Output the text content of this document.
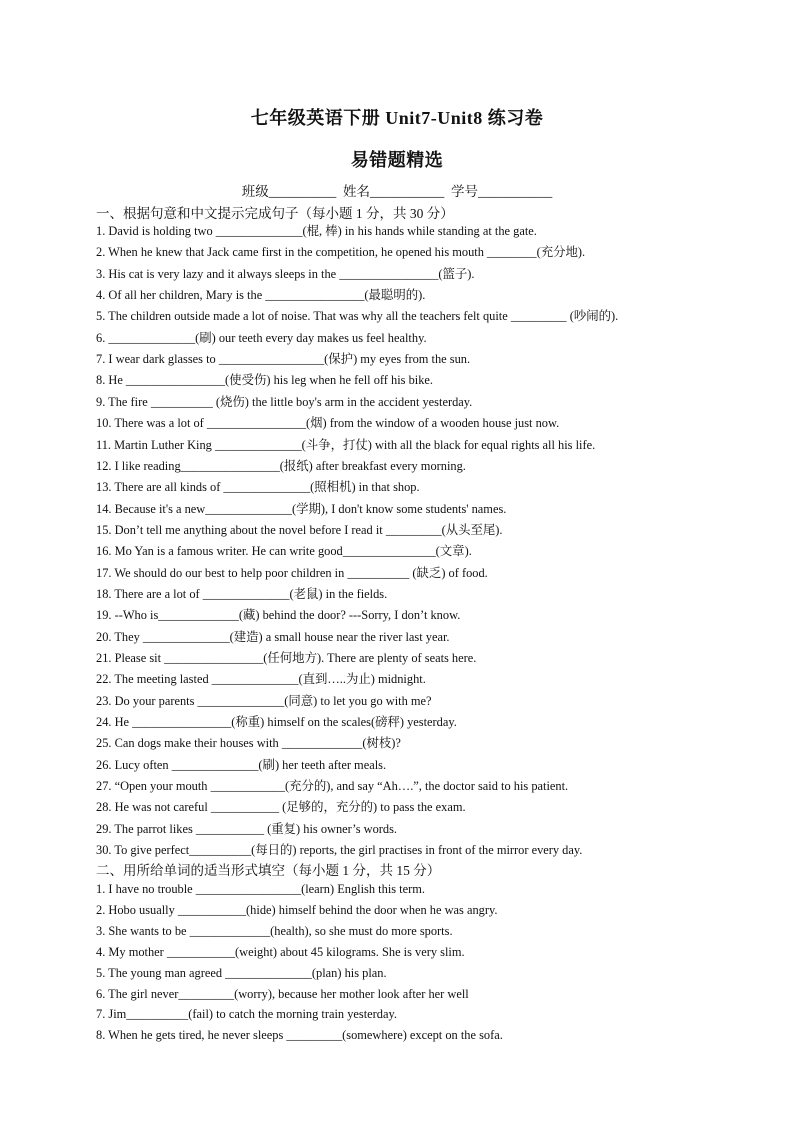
七年级英语下册 Unit7-Unit8 练习卷
易错题精选
班级__________ 姓名___________ 学号___________
一、根据句意和中文提示完成句子（每小题 1 分，共 30 分）
1. David is holding two ______________(棍, 棒) in his hands while standing at the gate.
2. When he knew that Jack came first in the competition, he opened his mouth ________(充分地).
3. His cat is very lazy and it always sleeps in the ________________(篮子).
4. Of all her children, Mary is the ________________(最聪明的).
5. The children outside made a lot of noise. That was why all the teachers felt quite _________ (吵闹的).
6. ______________(刷) our teeth every day makes us feel healthy.
7. I wear dark glasses to _________________(保护) my eyes from the sun.
8. He ________________(使受伤) his leg when he fell off his bike.
9. The fire __________ (烧伤) the little boy's arm in the accident yesterday.
10. There was a lot of ________________(烟) from the window of a wooden house just now.
11. Martin Luther King ______________(斗争，打仗) with all the black for equal rights all his life.
12. I like reading________________(报纸) after breakfast every morning.
13. There are all kinds of ______________(照相机) in that shop.
14. Because it's a new______________(学期), I don't know some students' names.
15. Don’t tell me anything about the novel before I read it _________(从头至尾).
16. Mo Yan is a famous writer. He can write good_______________(文章).
17. We should do our best to help poor children in __________ (缺乏) of food.
18. There are a lot of ______________(老鼠) in the fields.
19. --Who is_____________(藏) behind the door? ---Sorry, I don’t know.
20. They ______________(建造) a small house near the river last year.
21. Please sit ________________(任何地方). There are plenty of seats here.
22. The meeting lasted ______________(直到…..为止) midnight.
23. Do your parents ______________(同意) to let you go with me?
24. He ________________(称重) himself on the scales(磅秤) yesterday.
25. Can dogs make their houses with _____________(树枝)?
26. Lucy often ______________(刷) her teeth after meals.
27. “Open your mouth ____________(充分的), and say “Ah….”, the doctor said to his patient.
28. He was not careful ___________ (足够的，充分的) to pass the exam.
29. The parrot likes ___________ (重复) his owner’s words.
30. To give perfect__________(每日的) reports, the girl practises in front of the mirror every day.
二、用所给单词的适当形式填空（每小题 1 分，共 15 分）
1. I have no trouble _________________(learn) English this term.
2. Hobo usually ___________(hide) himself behind the door when he was angry.
3. She wants to be _____________(health), so she must do more sports.
4. My mother ___________(weight) about 45 kilograms. She is very slim.
5. The young man agreed ______________(plan) his plan.
6. The girl never_________(worry), because her mother look after her well
7. Jim__________(fail) to catch the morning train yesterday.
8. When he gets tired, he never sleeps _________(somewhere) except on the sofa.
